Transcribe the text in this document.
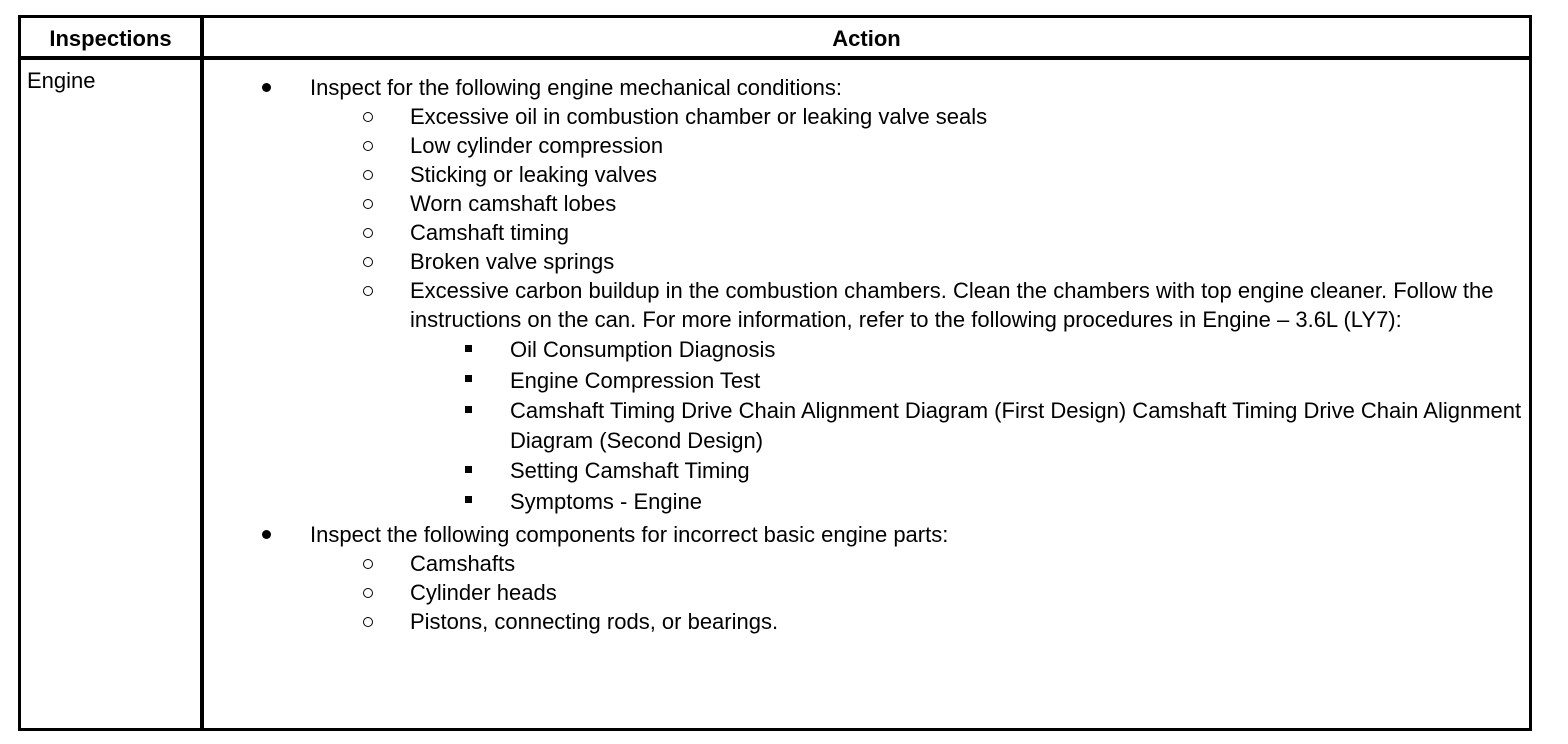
Inspections	Action
Engine	Inspect for the following engine mechanical conditions:
Excessive oil in combustion chamber or leaking valve seals
Low cylinder compression
Sticking or leaking valves
Worn camshaft lobes
Camshaft timing
Broken valve springs
Excessive carbon buildup in the combustion chambers. Clean the chambers with top engine cleaner. Follow the instructions on the can. For more information, refer to the following procedures in Engine – 3.6L (LY7):
Oil Consumption Diagnosis
Engine Compression Test
Camshaft Timing Drive Chain Alignment Diagram (First Design) Camshaft Timing Drive Chain Alignment Diagram (Second Design)
Setting Camshaft Timing
Symptoms - Engine
Inspect the following components for incorrect basic engine parts:
Camshafts
Cylinder heads
Pistons, connecting rods, or bearings.
